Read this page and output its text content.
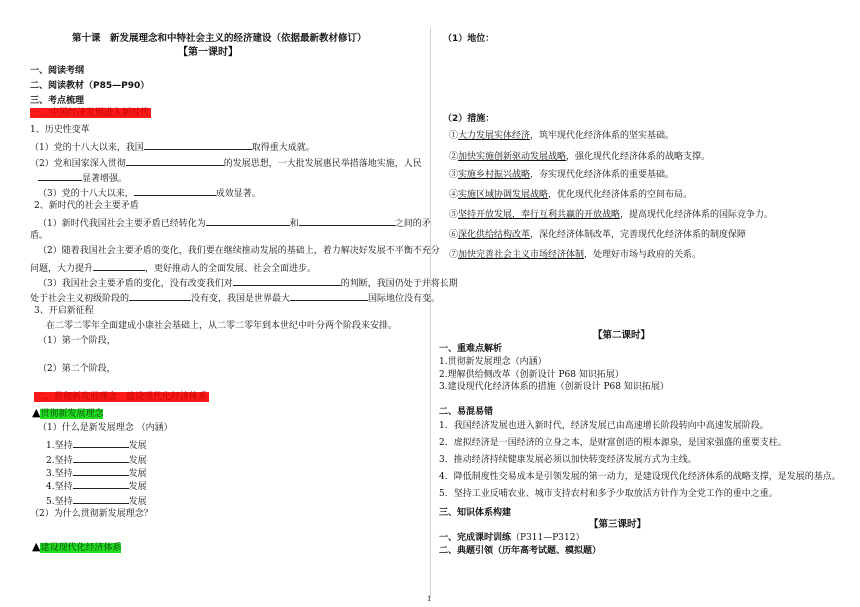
第十课　新发展理念和中特社会主义的经济建设（依据最新教材修订）
【第一课时】
一、阅读考纲
二、阅读教材（P85—P90）
三、考点梳理
一、中国经济发展进入新时代
1、历史性变革
（1）党的十八大以来，我国	取得重大成就。
（2）党和国家深入贯彻	的发展思想，一大批发展惠民举措落地实施，人民
显著增强。
（3）党的十八大以来，	成效显著。
2、新时代的社会主要矛盾
（1）新时代我国社会主要矛盾已经转化为	和	之间的矛
盾。
（2）随着我国社会主要矛盾的变化，我们要在继续推动发展的基础上，着力解决好发展不平衡不充分
问题，大力提升	，更好推动人的全面发展、社会全面进步。
（3）我国社会主要矛盾的变化，没有改变我们对	的判断，我国仍处于并将长期
处于社会主义初级阶段的	没有变，我国是世界最大	国际地位没有变。
3、开启新征程
在二零二零年全面建成小康社会基础上，从二零二零年到本世纪中叶分两个阶段来安排。
（1）第一个阶段，
（2）第二个阶段，
二、贯彻新发展理念　建设现代化经济体系
▲贯彻新发展理念
（1）什么是新发展理念 （内涵）
1.坚持	发展
2.坚持	发展
3.坚持	发展
4.坚持	发展
5.坚持	发展
（2）为什么贯彻新发展理念？
▲建设现代化经济体系
（1）地位：
（2）措施：
①大力发展实体经济，筑牢现代化经济体系的坚实基础。
②加快实施创新驱动发展战略，强化现代化经济体系的战略支撑。
③实施乡村振兴战略，夯实现代化经济体系的重要基础。
④实施区域协调发展战略，优化现代化经济体系的空间布局。
⑤坚持开放发展，奉行互利共赢的开放战略，提高现代化经济体系的国际竞争力。
⑥深化供给结构改革，深化经济体制改革，完善现代化经济体系的制度保障
⑦加快完善社会主义市场经济体制，处理好市场与政府的关系。
【第二课时】
一、重难点解析
1.贯彻新发展理念（内涵）
2.理解供给侧改革（创新设计 P68 知识拓展）
3.建设现代化经济体系的措施（创新设计 P68 知识拓展）
二、易混易错
1．我国经济发展也进入新时代，经济发展已由高速增长阶段转向中高速发展阶段。
2．虚拟经济是一国经济的立身之本，是财富创造的根本源泉，是国家强盛的重要支柱。
3．推动经济持续健康发展必须以加快转变经济发展方式为主线。
4．降低制度性交易成本是引领发展的第一动力，是建设现代化经济体系的战略支撑，是发展的基点。
5．坚持工业反哺农业、城市支持农村和多予少取放活方针作为全党工作的重中之重。
三、知识体系构建
【第三课时】
一、完成课时训练（P311—P312）
二、典题引领（历年高考试题、模拟题）
1
